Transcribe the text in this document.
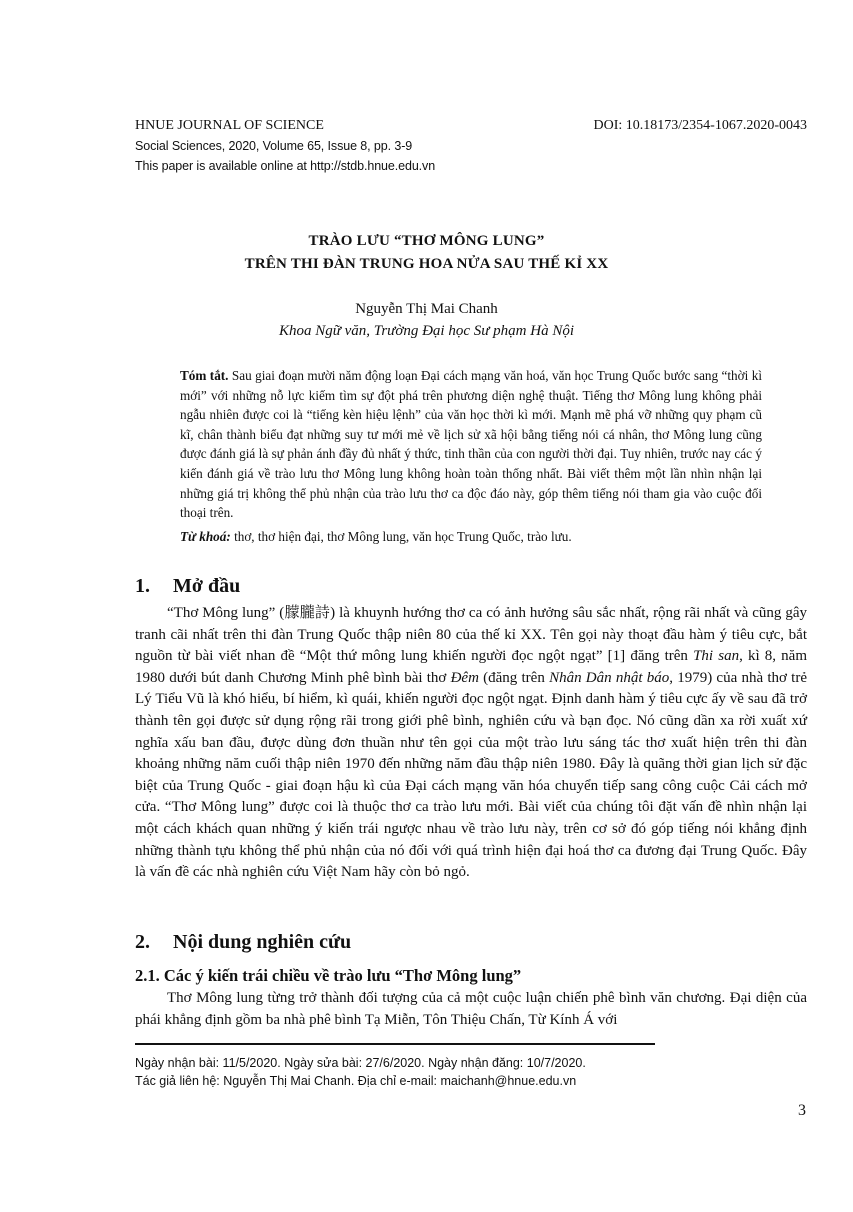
HNUE JOURNAL OF SCIENCE	DOI: 10.18173/2354-1067.2020-0043
Social Sciences, 2020, Volume 65, Issue 8, pp. 3-9
This paper is available online at http://stdb.hnue.edu.vn
TRÀO LƯU “THƠ MÔNG LUNG”
TRÊN THI ĐÀN TRUNG HOA NỬA SAU THẾ KỈ XX
Nguyễn Thị Mai Chanh
Khoa Ngữ văn, Trường Đại học Sư phạm Hà Nội

Tóm tắt. Sau giai đoạn mười năm động loạn Đại cách mạng văn hoá, văn học Trung Quốc bước sang “thời kì mới” với những nỗ lực kiếm tìm sự đột phá trên phương diện nghệ thuật. Tiếng thơ Mông lung không phải ngẫu nhiên được coi là “tiếng kèn hiệu lệnh” của văn học thời kì mới. Mạnh mẽ phá vỡ những quy phạm cũ kĩ, chân thành biểu đạt những suy tư mới mẻ về lịch sử xã hội bằng tiếng nói cá nhân, thơ Mông lung cũng được đánh giá là sự phản ánh đầy đủ nhất ý thức, tinh thần của con người thời đại. Tuy nhiên, trước nay các ý kiến đánh giá về trào lưu thơ Mông lung không hoàn toàn thống nhất. Bài viết thêm một lần nhìn nhận lại những giá trị không thể phủ nhận của trào lưu thơ ca độc đáo này, góp thêm tiếng nói tham gia vào cuộc đối thoại trên.

Từ khoá: thơ, thơ hiện đại, thơ Mông lung, văn học Trung Quốc, trào lưu.

1. Mở đầu

“Thơ Mông lung” (朦朧詩) là khuynh hướng thơ ca có ảnh hưởng sâu sắc nhất, rộng rãi nhất và cũng gây tranh cãi nhất trên thi đàn Trung Quốc thập niên 80 của thế kỉ XX. Tên gọi này thoạt đầu hàm ý tiêu cực, bắt nguồn từ bài viết nhan đề “Một thứ mông lung khiến người đọc ngột ngạt” [1] đăng trên Thi san, kì 8, năm 1980 dưới bút danh Chương Minh phê bình bài thơ Đêm (đăng trên Nhân Dân nhật báo, 1979) của nhà thơ trẻ Lý Tiểu Vũ là khó hiểu, bí hiểm, kì quái, khiến người đọc ngột ngạt. Định danh hàm ý tiêu cực ấy về sau đã trở thành tên gọi được sử dụng rộng rãi trong giới phê bình, nghiên cứu và bạn đọc. Nó cũng dần xa rời xuất xứ nghĩa xấu ban đầu, được dùng đơn thuần như tên gọi của một trào lưu sáng tác thơ xuất hiện trên thi đàn khoảng những năm cuối thập niên 1970 đến những năm đầu thập niên 1980. Đây là quãng thời gian lịch sử đặc biệt của Trung Quốc - giai đoạn hậu kì của Đại cách mạng văn hóa chuyển tiếp sang công cuộc Cải cách mở cửa. “Thơ Mông lung” được coi là thuộc thơ ca trào lưu mới. Bài viết của chúng tôi đặt vấn đề nhìn nhận lại một cách khách quan những ý kiến trái ngược nhau về trào lưu này, trên cơ sở đó góp tiếng nói khẳng định những thành tựu không thể phủ nhận của nó đối với quá trình hiện đại hoá thơ ca đương đại Trung Quốc. Đây là vấn đề các nhà nghiên cứu Việt Nam hãy còn bỏ ngỏ.

2. Nội dung nghiên cứu
2.1. Các ý kiến trái chiều về trào lưu “Thơ Mông lung”

Thơ Mông lung từng trở thành đối tượng của cả một cuộc luận chiến phê bình văn chương. Đại diện của phái khẳng định gồm ba nhà phê bình Tạ Miễn, Tôn Thiệu Chấn, Từ Kính Á với

Ngày nhận bài: 11/5/2020. Ngày sửa bài: 27/6/2020. Ngày nhận đăng: 10/7/2020.
Tác giả liên hệ: Nguyễn Thị Mai Chanh. Địa chỉ e-mail: maichanh@hnue.edu.vn
3
